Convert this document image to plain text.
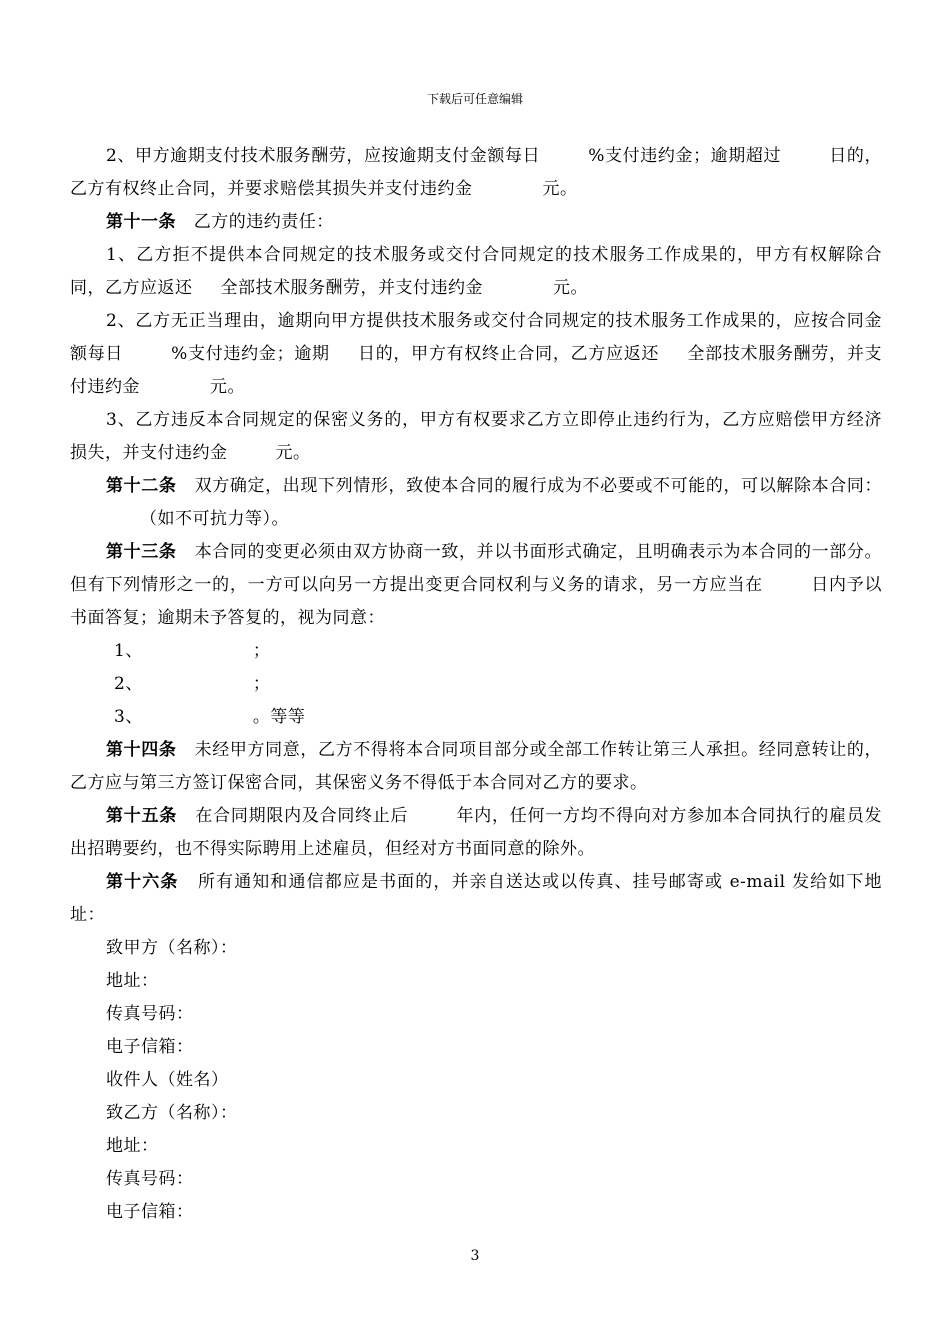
下载后可任意编辑

2、甲方逾期支付技术服务酬劳，应按逾期支付金额每日	%支付违约金；逾期超过	日的，乙方有权终止合同，并要求赔偿其损失并支付违约金	元。

第十一条 乙方的违约责任：

1、乙方拒不提供本合同规定的技术服务或交付合同规定的技术服务工作成果的，甲方有权解除合同，乙方应返还 全部技术服务酬劳，并支付违约金	元。

2、乙方无正当理由，逾期向甲方提供技术服务或交付合同规定的技术服务工作成果的，应按合同金额每日	%支付违约金；逾期 日的，甲方有权终止合同，乙方应返还 全部技术服务酬劳，并支付违约金	元。

3、乙方违反本合同规定的保密义务的，甲方有权要求乙方立即停止违约行为，乙方应赔偿甲方经济损失，并支付违约金	元。

第十二条 双方确定，出现下列情形，致使本合同的履行成为不必要或不可能的，可以解除本合同：（如不可抗力等）。

第十三条 本合同的变更必须由双方协商一致，并以书面形式确定，且明确表示为本合同的一部分。但有下列情形之一的，一方可以向另一方提出变更合同权利与义务的请求，另一方应当在	日内予以书面答复；逾期未予答复的，视为同意：

1、	；

2、	；

3、	。等等

第十四条 未经甲方同意，乙方不得将本合同项目部分或全部工作转让第三人承担。经同意转让的，乙方应与第三方签订保密合同，其保密义务不得低于本合同对乙方的要求。

第十五条 在合同期限内及合同终止后	年内，任何一方均不得向对方参加本合同执行的雇员发出招聘要约，也不得实际聘用上述雇员，但经对方书面同意的除外。

第十六条 所有通知和通信都应是书面的，并亲自送达或以传真、挂号邮寄或 e-mail 发给如下地址：

致甲方（名称）：

地址：

传真号码：

电子信箱：

收件人（姓名）

致乙方（名称）：

地址：

传真号码：

电子信箱：

3
